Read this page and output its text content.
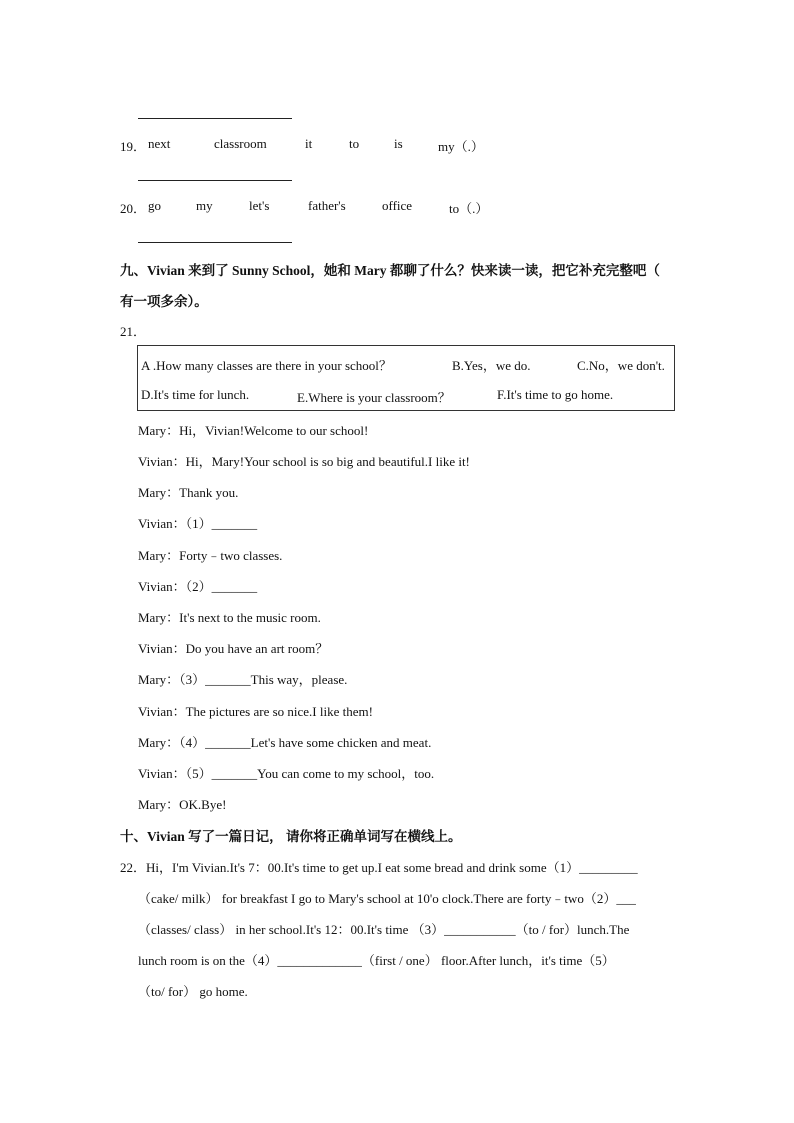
19． next	classroom	it	to	is	my（.）
20． go	my	let's	father's	office	to（.）
九、Vivian 来到了 Sunny School，她和 Mary 都聊了什么？快来读一读，把它补充完整吧（
有一项多余）。
21．
A .How many classes are there in your school？	B.Yes，we do.	C.No，we don't.
D.It's time for lunch.	E.Where is your classroom？	F.It's time to go home.
Mary：Hi，Vivian!Welcome to our school!
Vivian：Hi，Mary!Your school is so big and beautiful.I like it!
Mary：Thank you.
Vivian：（1）_______
Mary：Forty﹣two classes.
Vivian：（2）_______
Mary：It's next to the music room.
Vivian：Do you have an art room？
Mary：（3）_______This way，please.
Vivian：The pictures are so nice.I like them!
Mary：（4）_______Let's have some chicken and meat.
Vivian：（5）_______You can come to my school，too.
Mary：OK.Bye!
十、Vivian 写了一篇日记， 请你将正确单词写在横线上。
22．Hi，I'm Vivian.It's 7：00.It's time to get up.I eat some bread and drink some（1）_________
（cake/ milk） for breakfast I go to Mary's school at 10'o clock.There are forty﹣two（2）___
（classes/ class） in her school.It's 12：00.It's time （3）___________（to / for）lunch.The
lunch room is on the（4）_____________（first / one） floor.After lunch，it's time（5）
（to/ for） go home.
